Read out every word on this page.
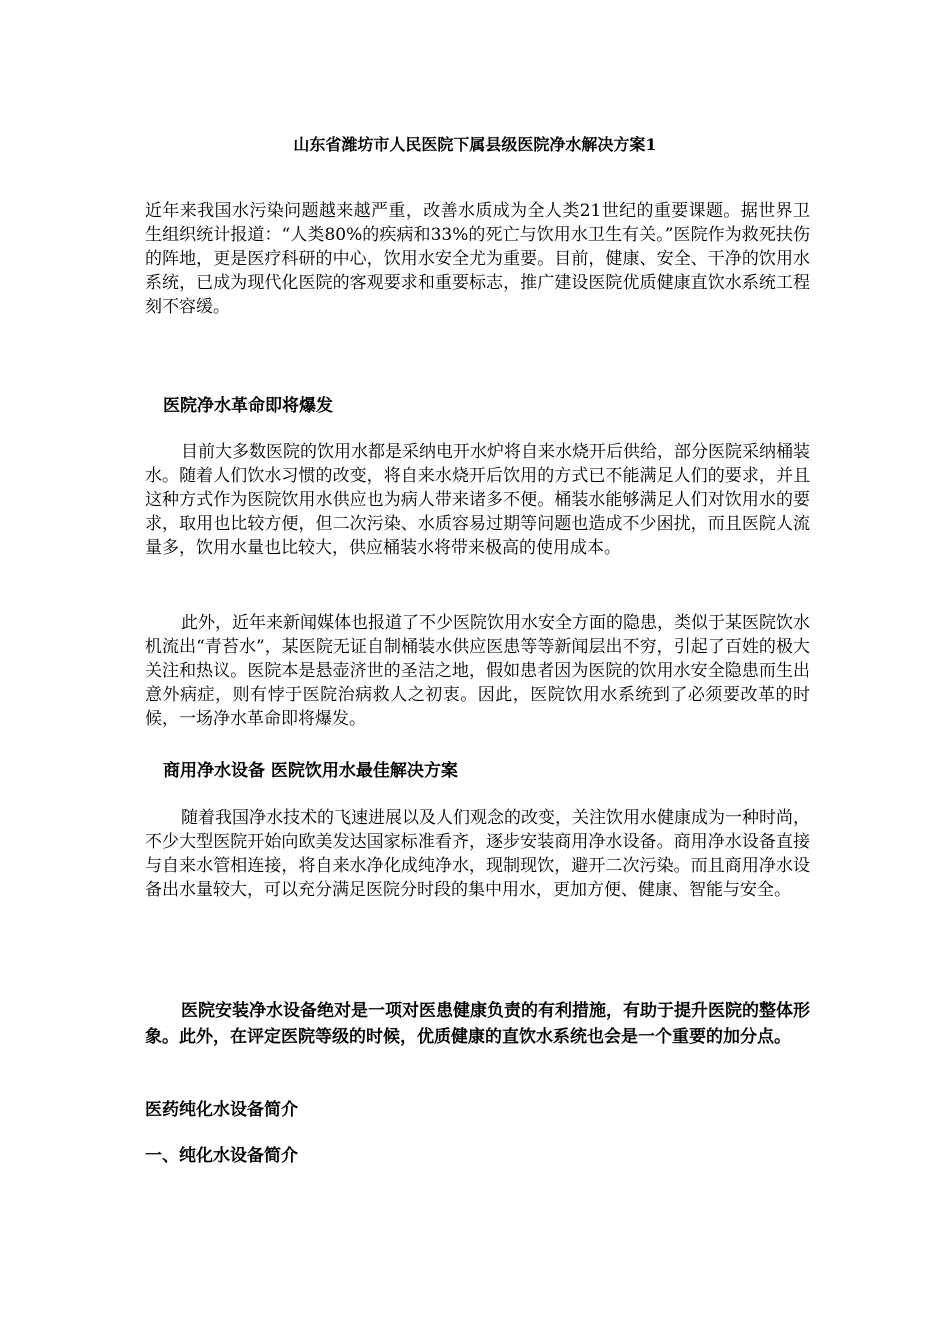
山东省潍坊市人民医院下属县级医院净水解决方案1

近年来我国水污染问题越来越严重，改善水质成为全人类21世纪的重要课题。据世界卫生组织统计报道：“人类80%的疾病和33%的死亡与饮用水卫生有关。”医院作为救死扶伤的阵地，更是医疗科研的中心，饮用水安全尤为重要。目前，健康、安全、干净的饮用水系统，已成为现代化医院的客观要求和重要标志，推广建设医院优质健康直饮水系统工程刻不容缓。

医院净水革命即将爆发

目前大多数医院的饮用水都是采纳电开水炉将自来水烧开后供给，部分医院采纳桶装水。随着人们饮水习惯的改变，将自来水烧开后饮用的方式已不能满足人们的要求，并且这种方式作为医院饮用水供应也为病人带来诸多不便。桶装水能够满足人们对饮用水的要求，取用也比较方便，但二次污染、水质容易过期等问题也造成不少困扰，而且医院人流量多，饮用水量也比较大，供应桶装水将带来极高的使用成本。

此外，近年来新闻媒体也报道了不少医院饮用水安全方面的隐患，类似于某医院饮水机流出“青苔水”，某医院无证自制桶装水供应医患等等新闻层出不穷，引起了百姓的极大关注和热议。医院本是悬壶济世的圣洁之地，假如患者因为医院的饮用水安全隐患而生出意外病症，则有悖于医院治病救人之初衷。因此，医院饮用水系统到了必须要改革的时候，一场净水革命即将爆发。

商用净水设备 医院饮用水最佳解决方案

随着我国净水技术的飞速进展以及人们观念的改变，关注饮用水健康成为一种时尚，不少大型医院开始向欧美发达国家标准看齐，逐步安装商用净水设备。商用净水设备直接与自来水管相连接，将自来水净化成纯净水，现制现饮，避开二次污染。而且商用净水设备出水量较大，可以充分满足医院分时段的集中用水，更加方便、健康、智能与安全。

医院安装净水设备绝对是一项对医患健康负责的有利措施，有助于提升医院的整体形象。此外，在评定医院等级的时候，优质健康的直饮水系统也会是一个重要的加分点。

医药纯化水设备简介
一、纯化水设备简介
